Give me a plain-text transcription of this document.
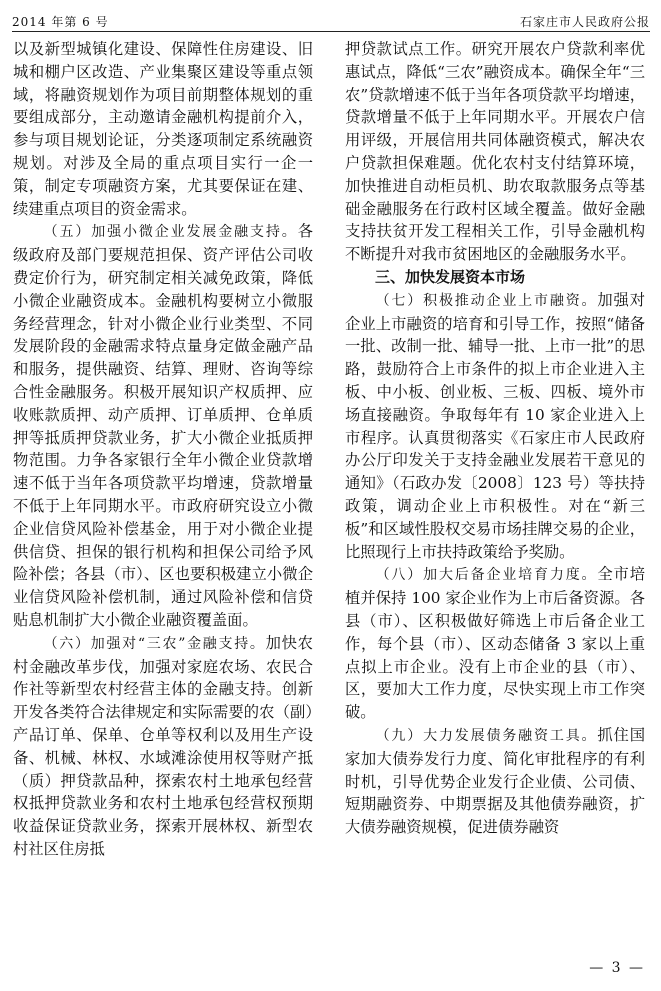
2014 年第 6 号	石家庄市人民政府公报

以及新型城镇化建设、保障性住房建设、旧城和棚户区改造、产业集聚区建设等重点领域，将融资规划作为项目前期整体规划的重要组成部分，主动邀请金融机构提前介入，参与项目规划论证，分类逐项制定系统融资规划。对涉及全局的重点项目实行一企一策，制定专项融资方案，尤其要保证在建、续建重点项目的资金需求。

（五）加强小微企业发展金融支持。各级政府及部门要规范担保、资产评估公司收费定价行为，研究制定相关减免政策，降低小微企业融资成本。金融机构要树立小微服务经营理念，针对小微企业行业类型、不同发展阶段的金融需求特点量身定做金融产品和服务，提供融资、结算、理财、咨询等综合性金融服务。积极开展知识产权质押、应收账款质押、动产质押、订单质押、仓单质押等抵质押贷款业务，扩大小微企业抵质押物范围。力争各家银行全年小微企业贷款增速不低于当年各项贷款平均增速，贷款增量不低于上年同期水平。市政府研究设立小微企业信贷风险补偿基金，用于对小微企业提供信贷、担保的银行机构和担保公司给予风险补偿；各县（市）、区也要积极建立小微企业信贷风险补偿机制，通过风险补偿和信贷贴息机制扩大小微企业融资覆盖面。

（六）加强对“三农”金融支持。加快农村金融改革步伐，加强对家庭农场、农民合作社等新型农村经营主体的金融支持。创新开发各类符合法律规定和实际需要的农（副）产品订单、保单、仓单等权利以及用生产设备、机械、林权、水域滩涂使用权等财产抵（质）押贷款品种，探索农村土地承包经营权抵押贷款业务和农村土地承包经营权预期收益保证贷款业务，探索开展林权、新型农村社区住房抵

押贷款试点工作。研究开展农户贷款利率优惠试点，降低“三农”融资成本。确保全年“三农”贷款增速不低于当年各项贷款平均增速，贷款增量不低于上年同期水平。开展农户信用评级，开展信用共同体融资模式，解决农户贷款担保难题。优化农村支付结算环境，加快推进自动柜员机、助农取款服务点等基础金融服务在行政村区域全覆盖。做好金融支持扶贫开发工程相关工作，引导金融机构不断提升对我市贫困地区的金融服务水平。

三、加快发展资本市场

（七）积极推动企业上市融资。加强对企业上市融资的培育和引导工作，按照“储备一批、改制一批、辅导一批、上市一批”的思路，鼓励符合上市条件的拟上市企业进入主板、中小板、创业板、三板、四板、境外市场直接融资。争取每年有 10 家企业进入上市程序。认真贯彻落实《石家庄市人民政府办公厅印发关于支持金融业发展若干意见的通知》（石政办发〔2008〕123 号）等扶持政策，调动企业上市积极性。对在“新三板”和区域性股权交易市场挂牌交易的企业，比照现行上市扶持政策给予奖励。

（八）加大后备企业培育力度。全市培植并保持 100 家企业作为上市后备资源。各县（市）、区积极做好筛选上市后备企业工作，每个县（市）、区动态储备 3 家以上重点拟上市企业。没有上市企业的县（市）、区，要加大工作力度，尽快实现上市工作突破。

（九）大力发展债务融资工具。抓住国家加大债券发行力度、简化审批程序的有利时机，引导优势企业发行企业债、公司债、短期融资券、中期票据及其他债券融资，扩大债券融资规模，促进债券融资

— 3 —
